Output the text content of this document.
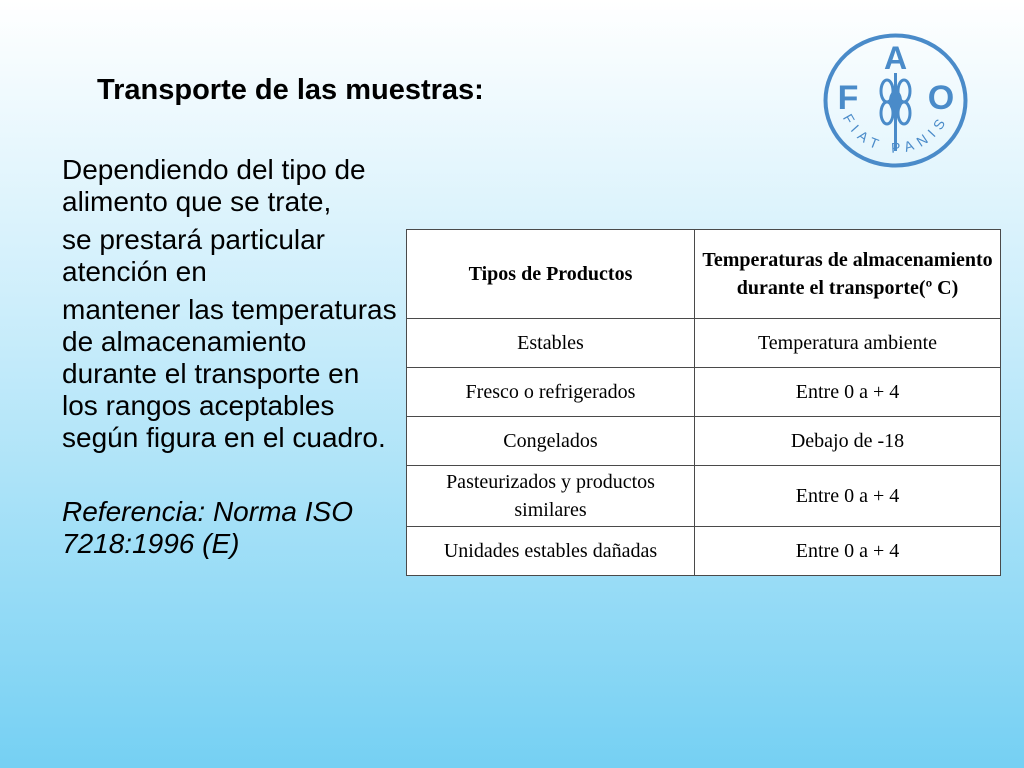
Transporte de las muestras:

Dependiendo del tipo de alimento que se trate,

se prestará particular atención en

mantener las temperaturas de almacenamiento durante el transporte en los rangos aceptables según figura en el cuadro.

Referencia: Norma ISO 7218:1996 (E)

F
A
O
FIAT PANIS
Tipos de Productos	Temperaturas de almacenamiento durante el transporte(º C)
Estables	Temperatura ambiente
Fresco o refrigerados	Entre 0 a + 4
Congelados	Debajo de -18
Pasteurizados y productos similares	Entre 0 a + 4
Unidades estables dañadas	Entre 0 a + 4
